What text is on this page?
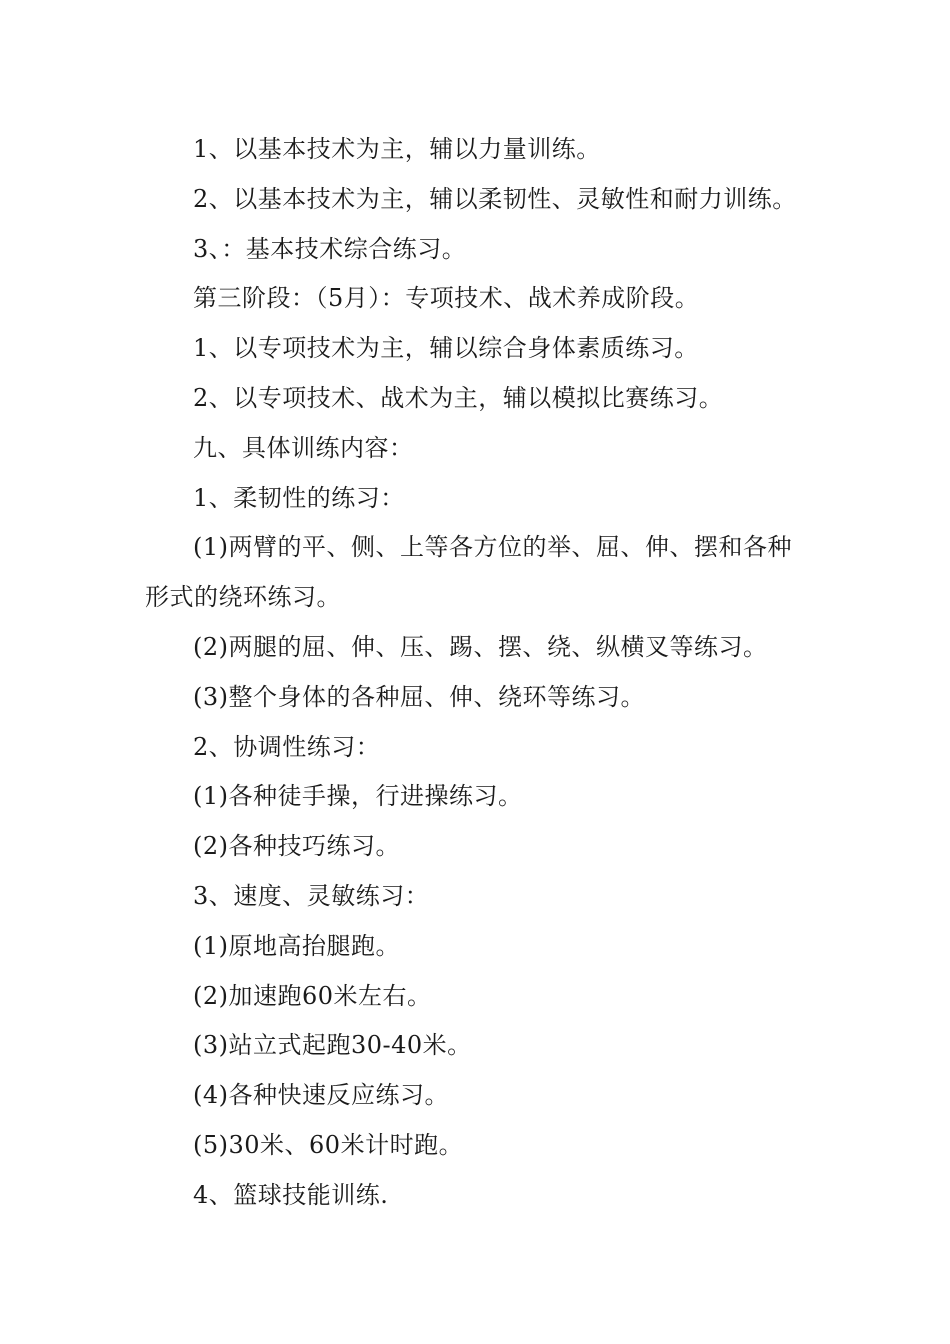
1、以基本技术为主，辅以力量训练。

2、以基本技术为主，辅以柔韧性、灵敏性和耐力训练。

3、：基本技术综合练习。

第三阶段：（5月）：专项技术、战术养成阶段。

1、以专项技术为主，辅以综合身体素质练习。

2、以专项技术、战术为主，辅以模拟比赛练习。

九、具体训练内容：

1、柔韧性的练习：

(1)两臂的平、侧、上等各方位的举、屈、伸、摆和各种形式的绕环练习。

(2)两腿的屈、伸、压、踢、摆、绕、纵横叉等练习。

(3)整个身体的各种屈、伸、绕环等练习。

2、协调性练习：

(1)各种徒手操，行进操练习。

(2)各种技巧练习。

3、速度、灵敏练习：

(1)原地高抬腿跑。

(2)加速跑60米左右。

(3)站立式起跑30-40米。

(4)各种快速反应练习。

(5)30米、60米计时跑。

4、篮球技能训练.
